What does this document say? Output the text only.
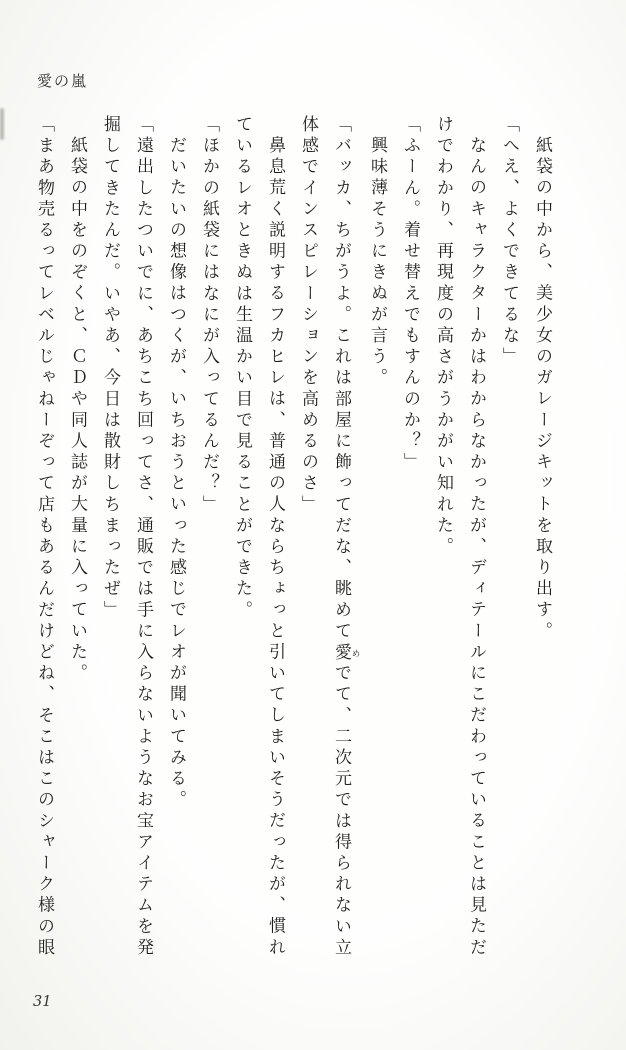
愛の嵐

紙袋の中から、美少女のガレージキットを取り出す。

「へえ、よくできてるな」

なんのキャラクターかはわからなかったが、ディテールにこだわっていることは見ただ

けでわかり、再現度の高さがうかがい知れた。

「ふーん。着せ替えでもすんのか？」

興味薄そうにきぬが言う。

「バッカ、ちがうよ。これは部屋に飾ってだな、眺めて愛 めでて、二次元では得られない立

体感でインスピレーションを高めるのさ」

鼻息荒く説明するフカヒレは、普通の人ならちょっと引いてしまいそうだったが、慣れ

ているレオときぬは生温かい目で見ることができた。

「ほかの紙袋にはなにが入ってるんだ？」

だいたいの想像はつくが、いちおうといった感じでレオが聞いてみる。

「遠出したついでに、あちこち回ってさ、通販では手に入らないようなお宝アイテムを発

掘してきたんだ。いやあ、今日は散財しちまったぜ」

紙袋の中をのぞくと、ＣＤや同人誌が大量に入っていた。

「まあ物売るってレベルじゃねーぞって店もあるんだけどね、そこはこのシャーク様の眼

31
